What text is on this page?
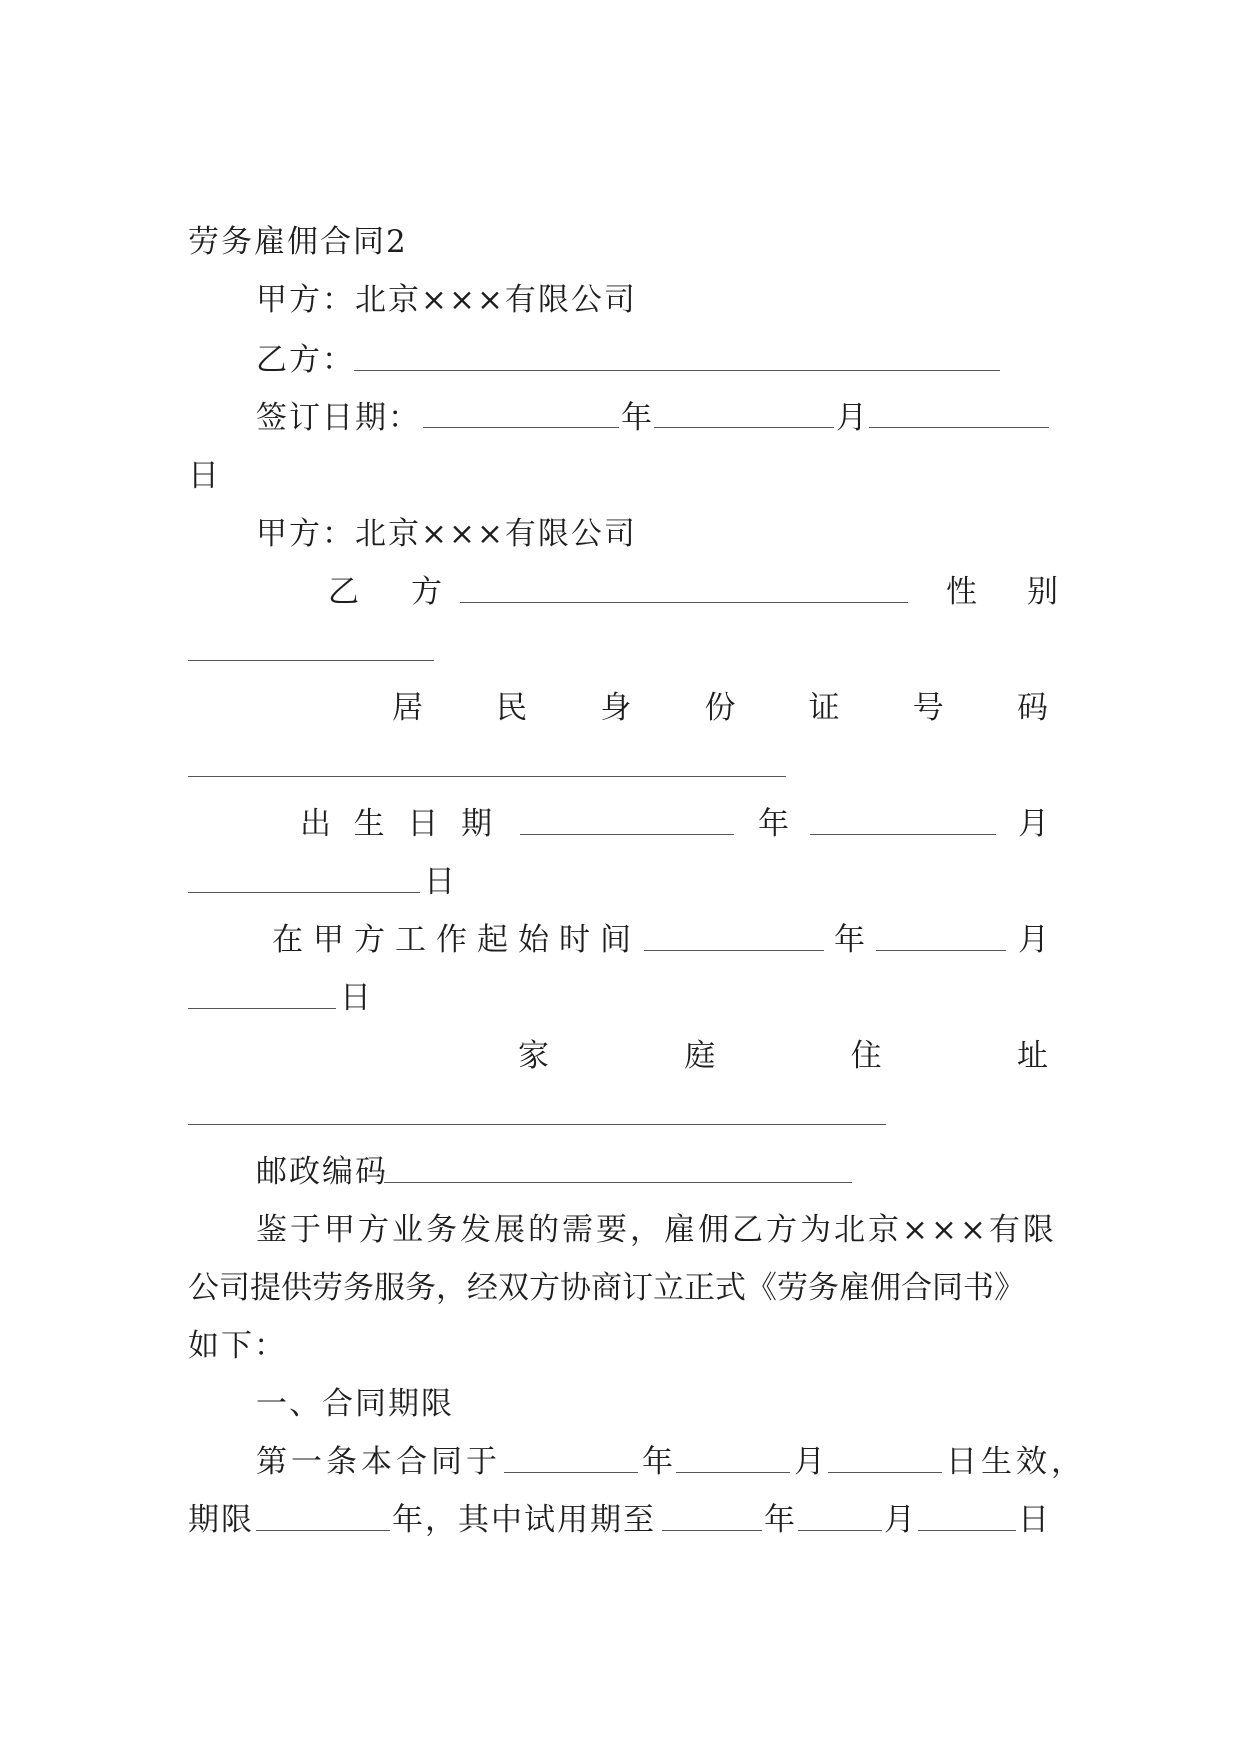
劳务雇佣合同2
甲方：北京×××有限公司
乙方：
签订日期：	年	月
日
甲方：北京×××有限公司
乙 方	性 别
居 民 身 份 证 号 码
出 生 日 期	年	月
日
在甲方工作起始时间	年	月
日
家	庭	住	址
邮政编码
鉴于甲方业务发展的需要，雇佣乙方为北京×××有限
公司提供劳务服务，经双方协商订立正式《劳务雇佣合同书》
如下：
一、合同期限
第一条本合同于	年	月	日生效，
期限	年，其中试用期至	年	月	日
